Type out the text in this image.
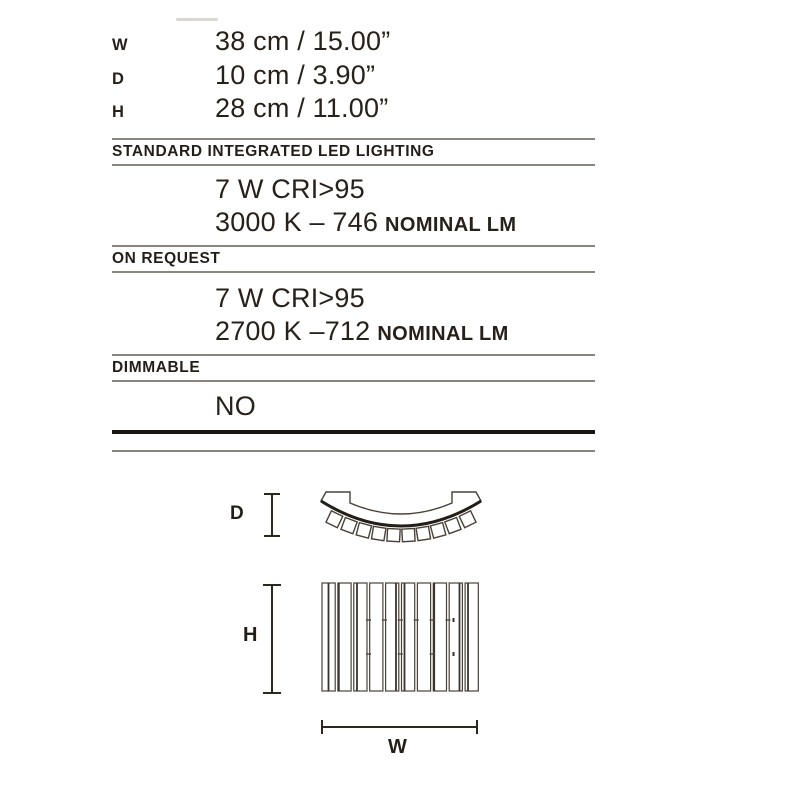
W	38 cm / 15.00”
D	10 cm / 3.90”
H	28 cm / 11.00”
STANDARD INTEGRATED LED LIGHTING
7 W CRI>95
3000 K – 746 NOMINAL LM
ON REQUEST
7 W CRI>95
2700 K –712 NOMINAL LM
DIMMABLE
NO
D
H
W
